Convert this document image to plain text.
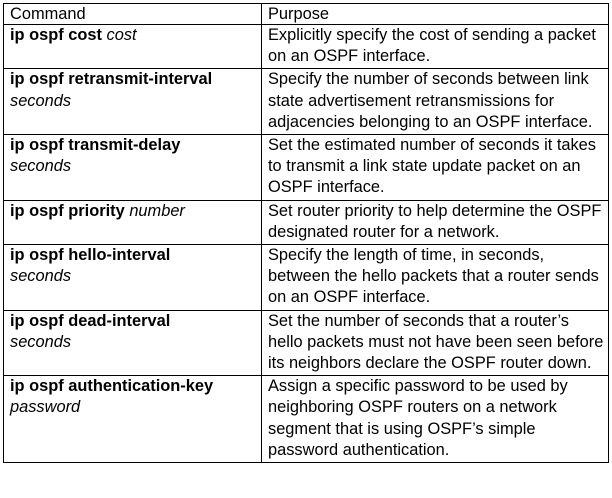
Command	Purpose
ip ospf cost cost	Explicitly specify the cost of sending a packet on an OSPF interface.
ip ospf retransmit-interval
seconds	Specify the number of seconds between link state advertisement retransmissions for adjacencies belonging to an OSPF interface.
ip ospf transmit-delay
seconds	Set the estimated number of seconds it takes to transmit a link state update packet on an OSPF interface.
ip ospf priority number	Set router priority to help determine the OSPF designated router for a network.
ip ospf hello-interval
seconds	Specify the length of time, in seconds, between the hello packets that a router sends on an OSPF interface.
ip ospf dead-interval
seconds	Set the number of seconds that a router’s hello packets must not have been seen before its neighbors declare the OSPF router down.
ip ospf authentication-key
password	Assign a specific password to be used by neighboring OSPF routers on a network segment that is using OSPF’s simple password authentication.
